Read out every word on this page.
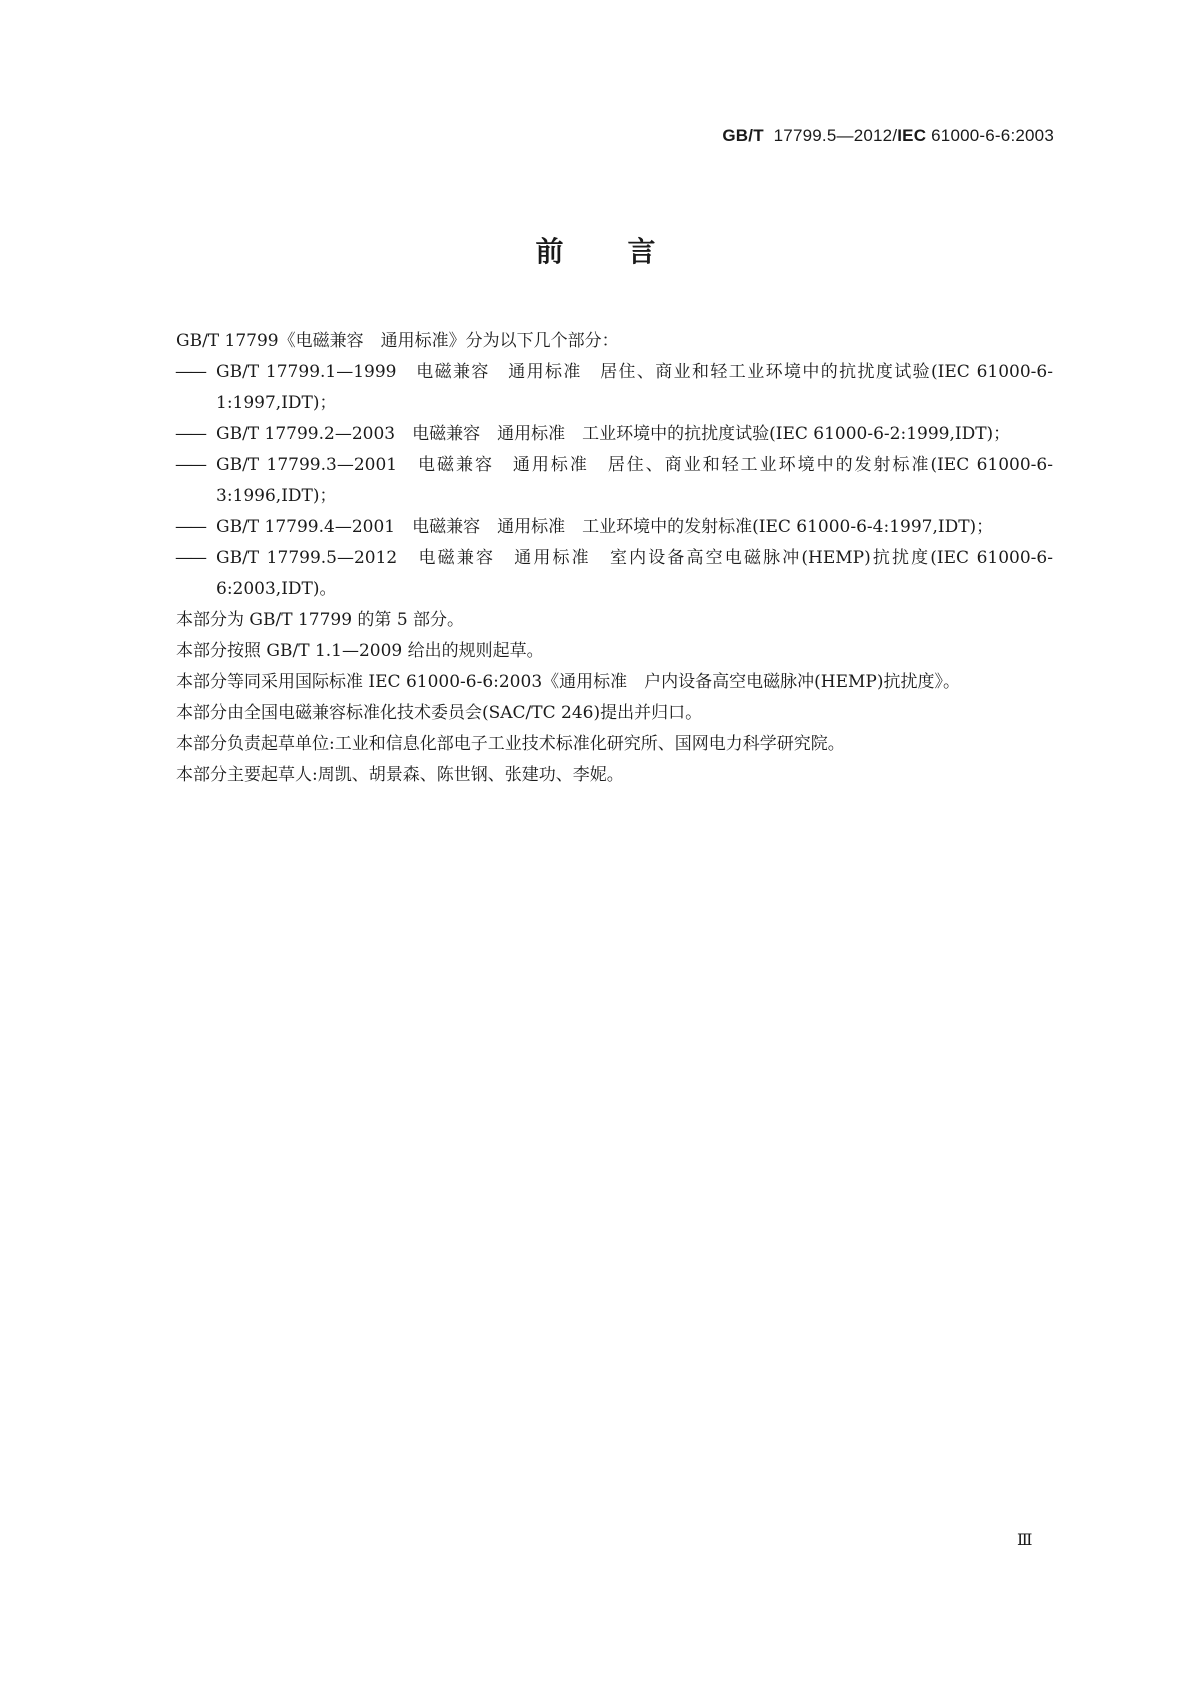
GB/T 17799.5—2012/IEC 61000-6-6:2003
前言

GB/T 17799《电磁兼容　通用标准》分为以下几个部分：

—— GB/T 17799.1—1999　电磁兼容　通用标准　居住、商业和轻工业环境中的抗扰度试验(IEC 61000-6-1:1997,IDT)；

—— GB/T 17799.2—2003　电磁兼容　通用标准　工业环境中的抗扰度试验(IEC 61000-6-2:1999,IDT)；

—— GB/T 17799.3—2001　电磁兼容　通用标准　居住、商业和轻工业环境中的发射标准(IEC 61000-6-3:1996,IDT)；

—— GB/T 17799.4—2001　电磁兼容　通用标准　工业环境中的发射标准(IEC 61000-6-4:1997,IDT)；

—— GB/T 17799.5—2012　电磁兼容　通用标准　室内设备高空电磁脉冲(HEMP)抗扰度(IEC 61000-6-6:2003,IDT)。

本部分为 GB/T 17799 的第 5 部分。

本部分按照 GB/T 1.1—2009 给出的规则起草。

本部分等同采用国际标准 IEC 61000-6-6:2003《通用标准　户内设备高空电磁脉冲(HEMP)抗扰度》。

本部分由全国电磁兼容标准化技术委员会(SAC/TC 246)提出并归口。

本部分负责起草单位:工业和信息化部电子工业技术标准化研究所、国网电力科学研究院。

本部分主要起草人:周凯、胡景森、陈世钢、张建功、李妮。

Ⅲ
